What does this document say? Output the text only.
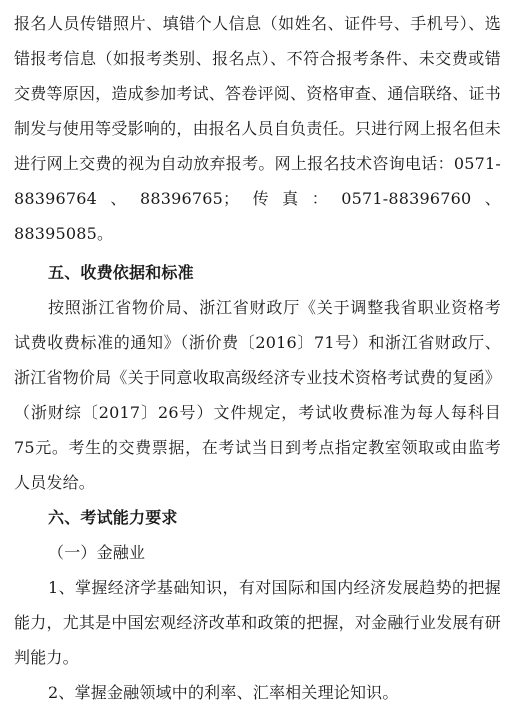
报名人员传错照片、填错个人信息（如姓名、证件号、手机号）、选错报考信息（如报考类别、报名点）、不符合报考条件、未交费或错交费等原因，造成参加考试、答卷评阅、资格审查、通信联络、证书制发与使用等受影响的，由报名人员自负责任。只进行网上报名但未进行网上交费的视为自动放弃报考。网上报名技术咨询电话：0571-88396764、88396765；传真：0571-88396760、88395085。

五、收费依据和标准

按照浙江省物价局、浙江省财政厅《关于调整我省职业资格考试费收费标准的通知》（浙价费〔2016〕71号）和浙江省财政厅、浙江省物价局《关于同意收取高级经济专业技术资格考试费的复函》（浙财综〔2017〕26号）文件规定，考试收费标准为每人每科目75元。考生的交费票据，在考试当日到考点指定教室领取或由监考人员发给。

六、考试能力要求

（一）金融业

1、掌握经济学基础知识，有对国际和国内经济发展趋势的把握能力，尤其是中国宏观经济改革和政策的把握，对金融行业发展有研判能力。

2、掌握金融领域中的利率、汇率相关理论知识。
